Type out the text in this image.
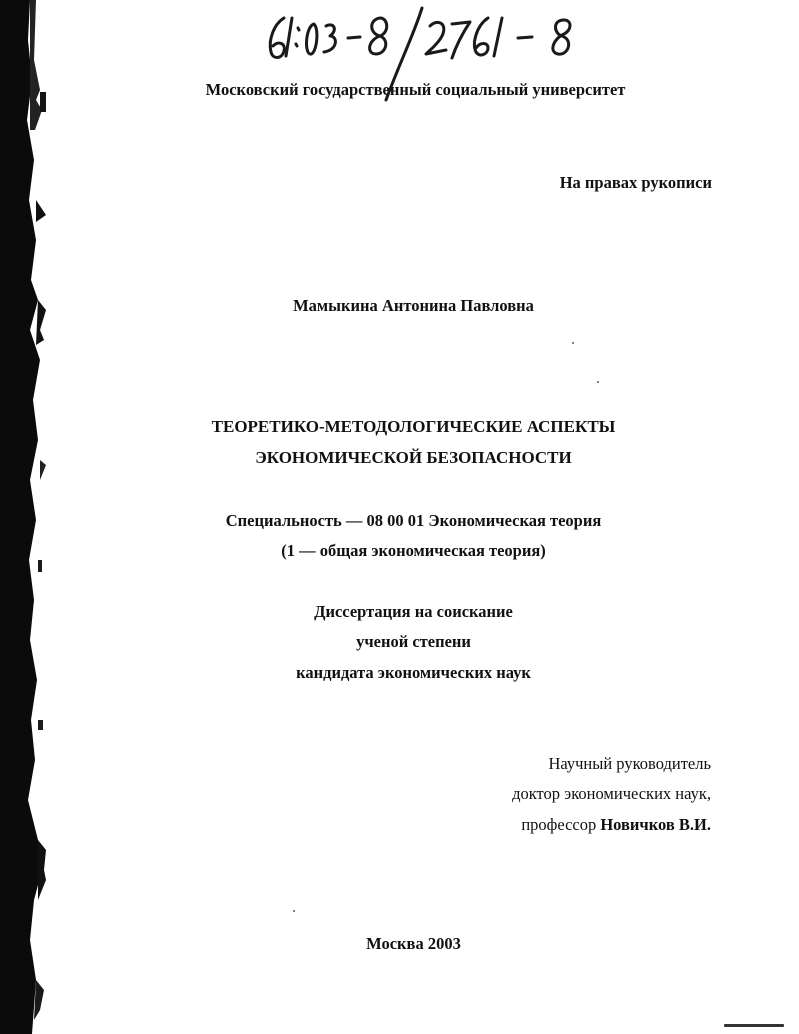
Московский государственный социальный университет
На правах рукописи
Мамыкина Антонина Павловна
ТЕОРЕТИКО-МЕТОДОЛОГИЧЕСКИЕ АСПЕКТЫ
ЭКОНОМИЧЕСКОЙ БЕЗОПАСНОСТИ
Специальность — 08 00 01 Экономическая теория
(1 — общая экономическая теория)
Диссертация на соискание
ученой степени
кандидата экономических наук
Научный руководитель
доктор экономических наук,
профессор Новичков В.И.
Москва 2003
